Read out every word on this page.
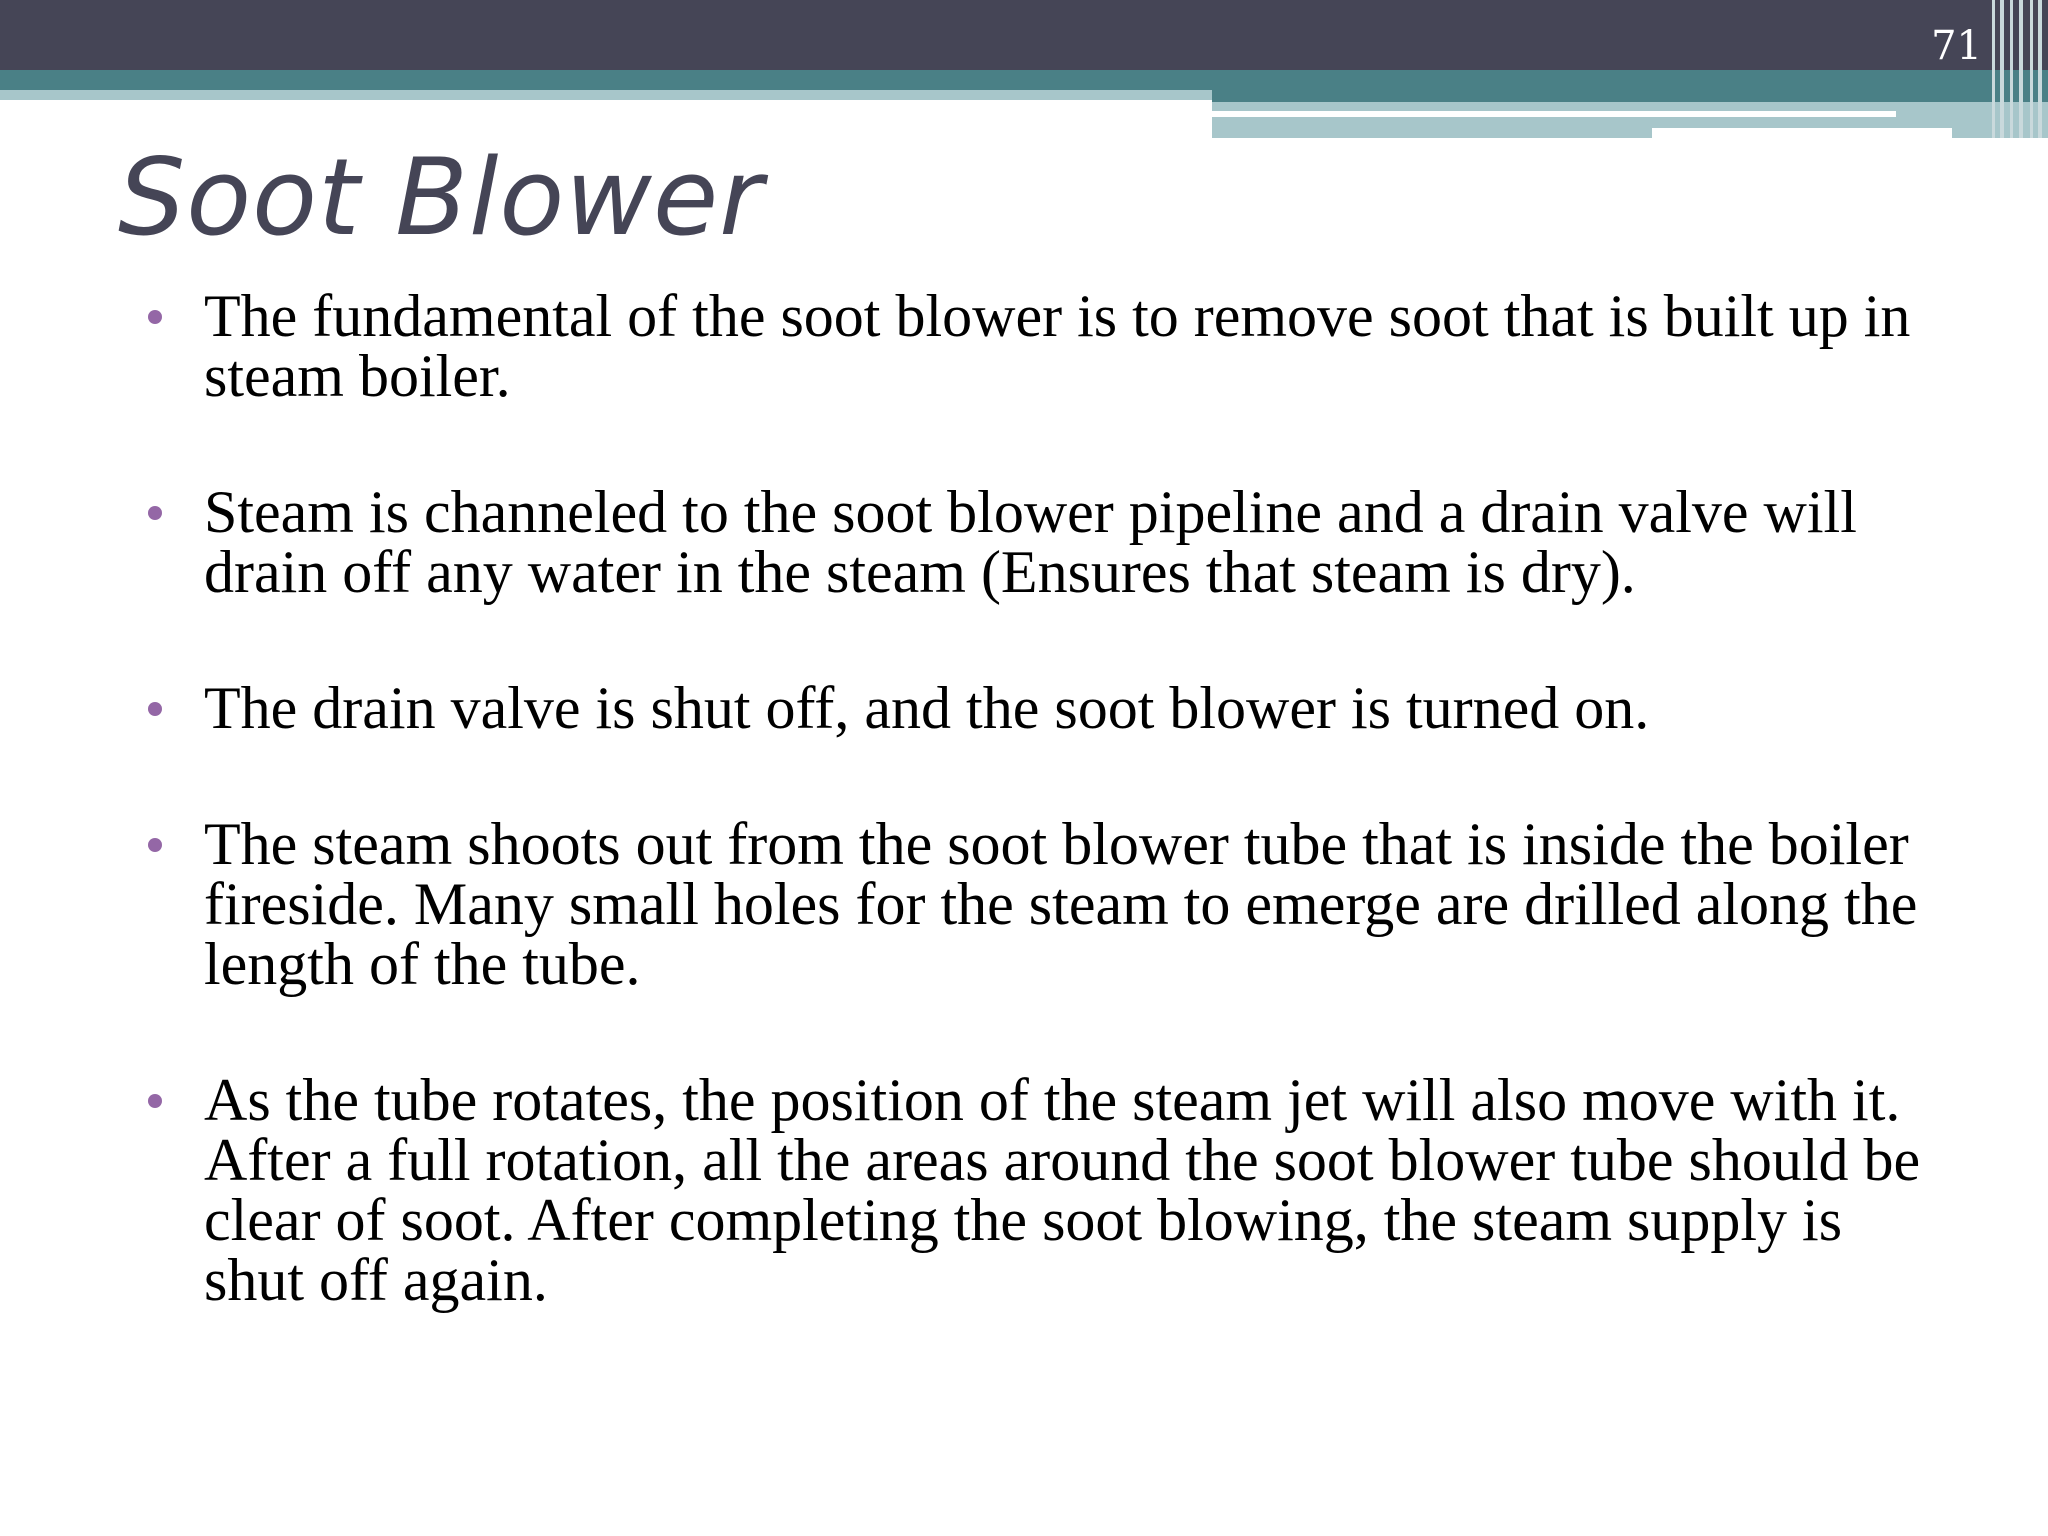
71
Soot Blower
The fundamental of the soot blower is to remove soot that is built up in steam boiler.
Steam is channeled to the soot blower pipeline and a drain valve will drain off any water in the steam (Ensures that steam is dry).
The drain valve is shut off, and the soot blower is turned on.
The steam shoots out from the soot blower tube that is inside the boiler fireside. Many small holes for the steam to emerge are drilled along the length of the tube.
As the tube rotates, the position of the steam jet will also move with it. After a full rotation, all the areas around the soot blower tube should be clear of soot. After completing the soot blowing, the steam supply is shut off again.
